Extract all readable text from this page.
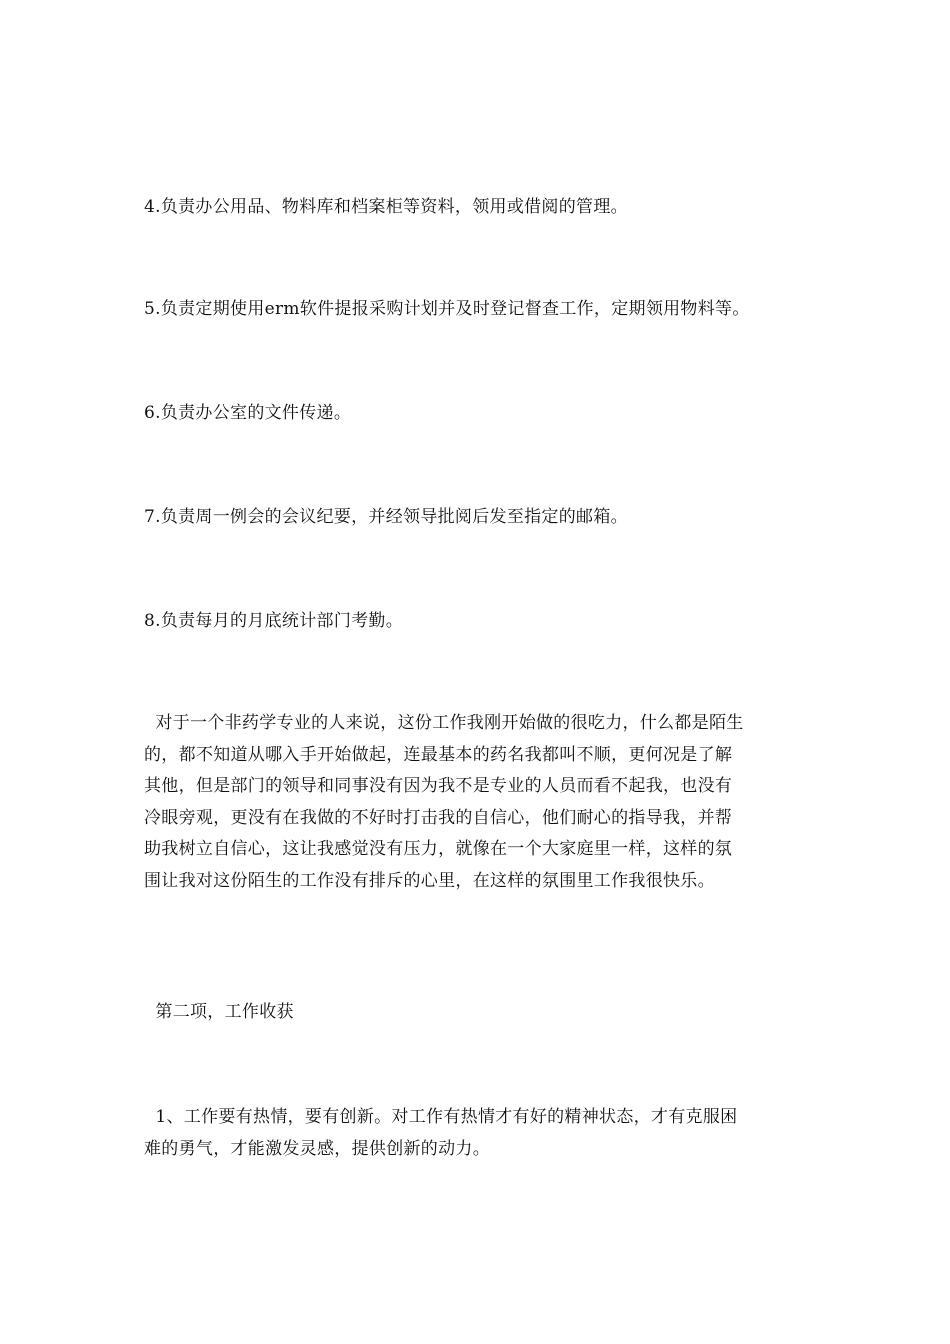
4.负责办公用品、物料库和档案柜等资料，领用或借阅的管理。
5.负责定期使用erm软件提报采购计划并及时登记督查工作，定期领用物料等。
6.负责办公室的文件传递。
7.负责周一例会的会议纪要，并经领导批阅后发至指定的邮箱。
8.负责每月的月底统计部门考勤。
对于一个非药学专业的人来说，这份工作我刚开始做的很吃力，什么都是陌生
的，都不知道从哪入手开始做起，连最基本的药名我都叫不顺，更何况是了解
其他，但是部门的领导和同事没有因为我不是专业的人员而看不起我，也没有
冷眼旁观，更没有在我做的不好时打击我的自信心，他们耐心的指导我，并帮
助我树立自信心，这让我感觉没有压力，就像在一个大家庭里一样，这样的氛
围让我对这份陌生的工作没有排斥的心里，在这样的氛围里工作我很快乐。
第二项，工作收获
1、工作要有热情，要有创新。对工作有热情才有好的精神状态，才有克服困
难的勇气，才能激发灵感，提供创新的动力。
